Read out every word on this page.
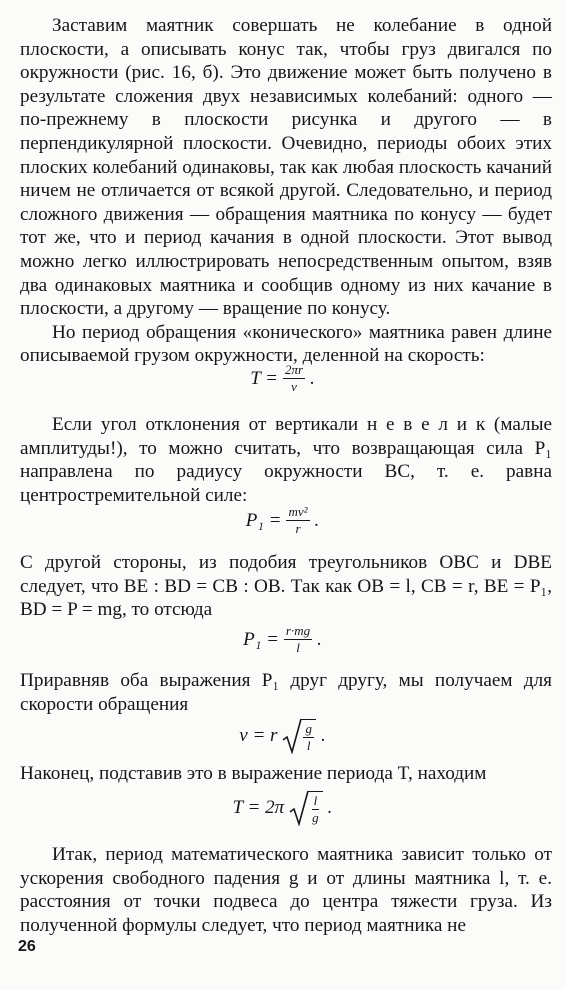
Заставим маятник совершать не колебание в одной плоскости, а описывать конус так, чтобы груз двигался по окружности (рис. 16, б). Это движение может быть получено в результате сложения двух независимых колебаний: одного — по-прежнему в плоскости рисунка и другого — в перпендикулярной плоскости. Очевидно, периоды обоих этих плоских колебаний одинаковы, так как любая плоскость качаний ничем не отличается от всякой другой. Следовательно, и период сложного движения — обращения маятника по конусу — будет тот же, что и период качания в одной плоскости. Этот вывод можно легко иллюстрировать непосредственным опытом, взяв два одинаковых маятника и сообщив одному из них качание в плоскости, а другому — вращение по конусу.

Но период обращения «конического» маятника равен длине описываемой грузом окружности, деленной на скорость:

$T = \frac{2\pi r}{v}$ .

Если угол отклонения от вертикали н е в е л и к (малые амплитуды!), то можно считать, что возвращающая сила P₁ направлена по радиусу окружности BC, т. е. равна центростремительной силе:

$P_1 = \frac{\text{mv²}}{r}$ .

С другой стороны, из подобия треугольников OBC и DBE следует, что BE : BD = CB : OB. Так как OB = l, CB = r, BE = P₁, BD = P = mg, то отсюда

$P_1 = \frac{r\cdot mg}{l}$ .

Приравняв оба выражения P₁ друг другу, мы получаем для скорости обращения

v = r $\frac{g}{l}$ .

Наконец, подставив это в выражение периода T, находим

$T = 2\pi \frac{l}{g}$ .

Итак, период математического маятника зависит только от ускорения свободного падения g и от длины маятника l, т. е. расстояния от точки подвеса до центра тяжести груза. Из полученной формулы следует, что период маятника не

26
